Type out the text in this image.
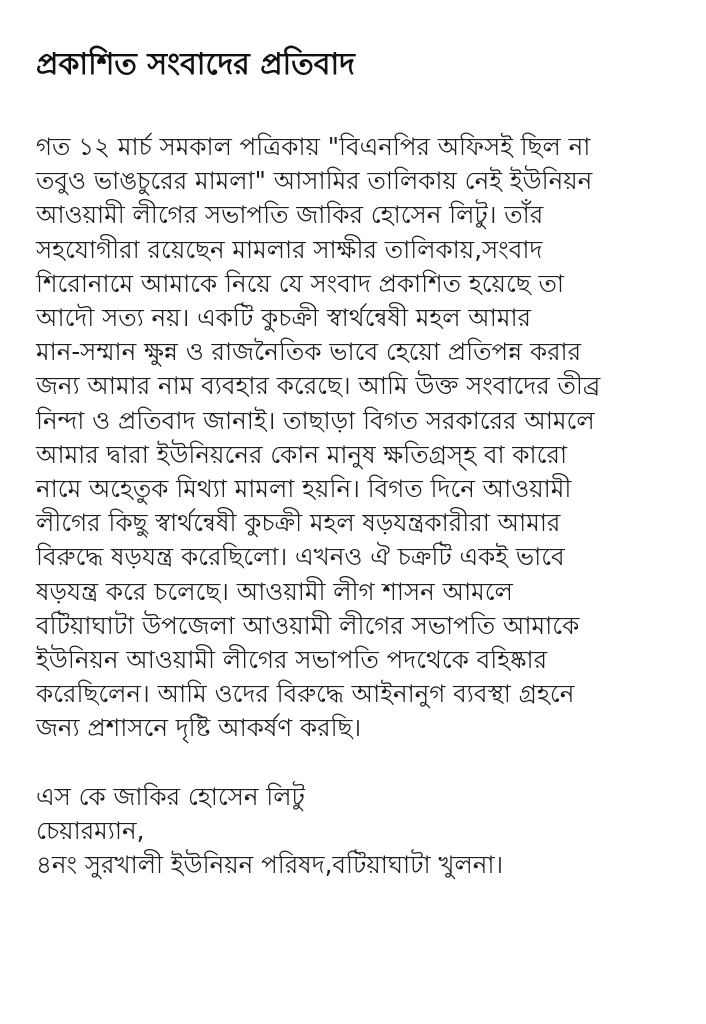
প্রকাশিত সংবাদের প্রতিবাদ
গত ১২ মার্চ সমকাল পত্রিকায় "বিএনপির অফিসই ছিল না
তবুও ভাঙচুরের মামলা" আসামির তালিকায় নেই ইউনিয়ন
আওয়ামী লীগের সভাপতি জাকির হোসেন লিটু। তাঁর
সহযোগীরা রয়েছেন মামলার সাক্ষীর তালিকায়,সংবাদ
শিরোনামে আমাকে নিয়ে যে সংবাদ প্রকাশিত হয়েছে তা
আদৌ সত্য নয়। একটি কুচক্রী স্বার্থন্বেষী মহল আমার
মান-সম্মান ক্ষুন্ন ও রাজনৈতিক ভাবে হেয়ো প্রতিপন্ন করার
জন্য আমার নাম ব্যবহার করেছে। আমি উক্ত সংবাদের তীব্র
নিন্দা ও প্রতিবাদ জানাই। তাছাড়া বিগত সরকারের আমলে
আমার দ্বারা ইউনিয়নের কোন মানুষ ক্ষতিগ্রস্হ বা কারো
নামে অহেতুক মিথ্যা মামলা হয়নি। বিগত দিনে আওয়ামী
লীগের কিছু স্বার্থন্বেষী কুচক্রী মহল ষড়যন্ত্রকারীরা আমার
বিরুদ্ধে ষড়যন্ত্র করেছিলো। এখনও ঐ চক্রটি একই ভাবে
ষড়যন্ত্র করে চলেছে। আওয়ামী লীগ শাসন আমলে
বটিয়াঘাটা উপজেলা আওয়ামী লীগের সভাপতি আমাকে
ইউনিয়ন আওয়ামী লীগের সভাপতি পদথেকে বহিষ্কার
করেছিলেন। আমি ওদের বিরুদ্ধে আইনানুগ ব্যবস্থা গ্রহনে
জন্য প্রশাসনে দৃষ্টি আকর্ষণ করছি।
এস কে জাকির হোসেন লিটু
চেয়ারম্যান,
৪নং সুরখালী ইউনিয়ন পরিষদ,বটিয়াঘাটা খুলনা।
